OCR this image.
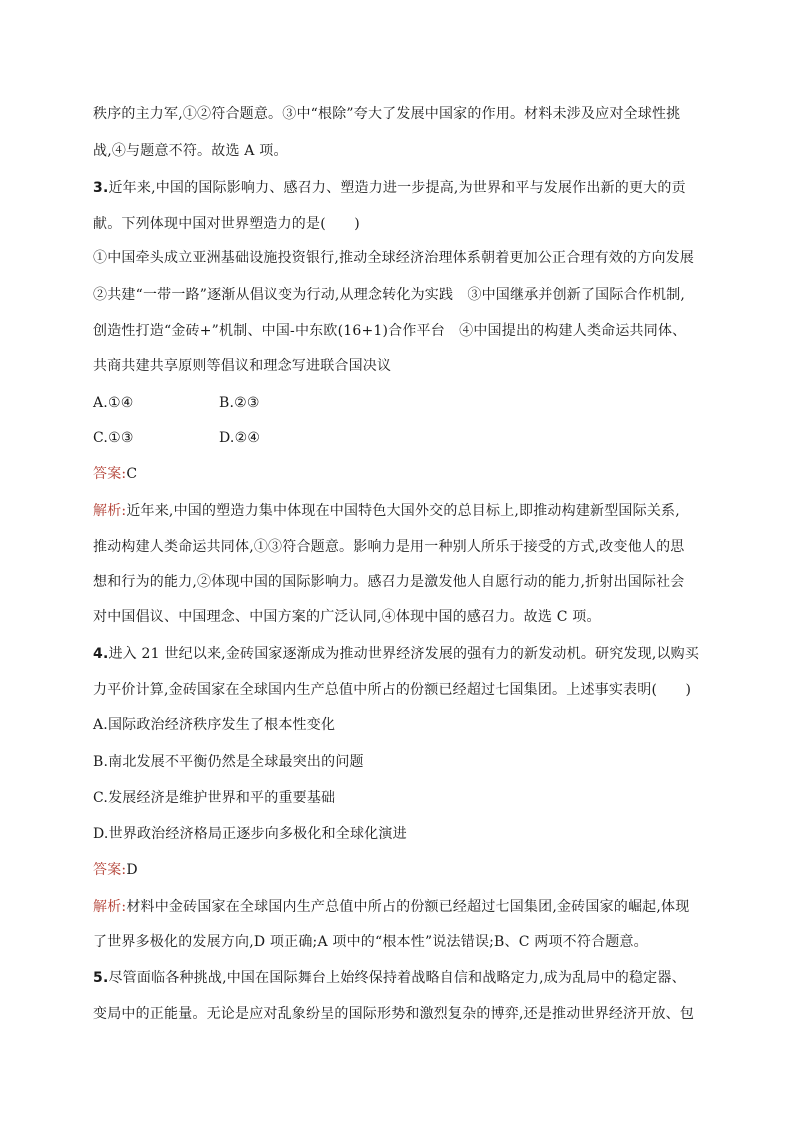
秩序的主力军,①②符合题意。③中“根除”夸大了发展中国家的作用。材料未涉及应对全球性挑
战,④与题意不符。故选 A 项。
3.近年来,中国的国际影响力、感召力、塑造力进一步提高,为世界和平与发展作出新的更大的贡
献。下列体现中国对世界塑造力的是(　　)
①中国牵头成立亚洲基础设施投资银行,推动全球经济治理体系朝着更加公正合理有效的方向发展
②共建“一带一路”逐渐从倡议变为行动,从理念转化为实践　③中国继承并创新了国际合作机制,
创造性打造“金砖+”机制、中国-中东欧(16+1)合作平台　④中国提出的构建人类命运共同体、
共商共建共享原则等倡议和理念写进联合国决议
A.①④	B.②③
C.①③	D.②④
答案:C
解析:近年来,中国的塑造力集中体现在中国特色大国外交的总目标上,即推动构建新型国际关系,
推动构建人类命运共同体,①③符合题意。影响力是用一种别人所乐于接受的方式,改变他人的思
想和行为的能力,②体现中国的国际影响力。感召力是激发他人自愿行动的能力,折射出国际社会
对中国倡议、中国理念、中国方案的广泛认同,④体现中国的感召力。故选 C 项。
4.进入 21 世纪以来,金砖国家逐渐成为推动世界经济发展的强有力的新发动机。研究发现,以购买
力平价计算,金砖国家在全球国内生产总值中所占的份额已经超过七国集团。上述事实表明(　　)
A.国际政治经济秩序发生了根本性变化
B.南北发展不平衡仍然是全球最突出的问题
C.发展经济是维护世界和平的重要基础
D.世界政治经济格局正逐步向多极化和全球化演进
答案:D
解析:材料中金砖国家在全球国内生产总值中所占的份额已经超过七国集团,金砖国家的崛起,体现
了世界多极化的发展方向,D 项正确;A 项中的“根本性”说法错误;B、C 两项不符合题意。
5.尽管面临各种挑战,中国在国际舞台上始终保持着战略自信和战略定力,成为乱局中的稳定器、
变局中的正能量。无论是应对乱象纷呈的国际形势和激烈复杂的博弈,还是推动世界经济开放、包
